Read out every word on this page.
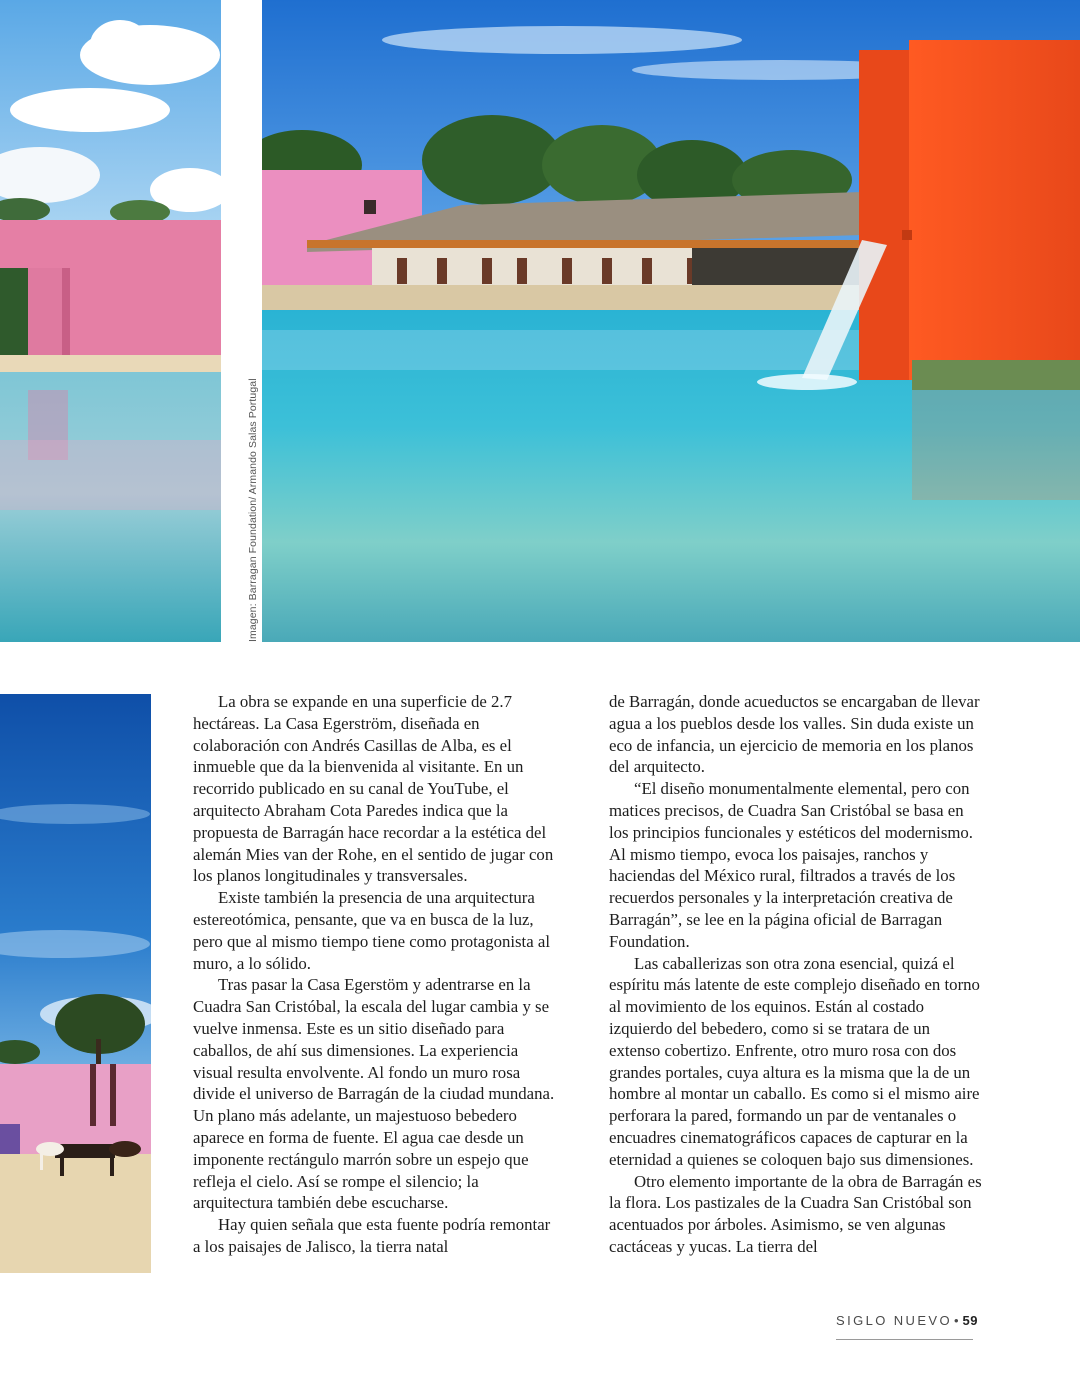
Imagen: Barragan Foundation/ Armando Salas Portugal

La obra se expande en una superficie de 2.7 hectáreas. La Casa Egerström, diseñada en colaboración con Andrés Casillas de Alba, es el inmueble que da la bienvenida al visitante. En un recorrido publicado en su canal de YouTube, el arquitecto Abraham Cota Paredes indica que la propuesta de Barragán hace recordar a la estética del alemán Mies van der Rohe, en el sentido de jugar con los planos longitudinales y transversales.

Existe también la presencia de una arquitectura estereotómica, pensante, que va en busca de la luz, pero que al mismo tiempo tiene como protagonista al muro, a lo sólido.

Tras pasar la Casa Egerstöm y adentrarse en la Cuadra San Cristóbal, la escala del lugar cambia y se vuelve inmensa. Este es un sitio diseñado para caballos, de ahí sus dimensiones. La experiencia visual resulta envolvente. Al fondo un muro rosa divide el universo de Barragán de la ciudad mundana. Un plano más adelante, un majestuoso bebedero aparece en forma de fuente. El agua cae desde un imponente rectángulo marrón sobre un espejo que refleja el cielo. Así se rompe el silencio; la arquitectura también debe escucharse.

Hay quien señala que esta fuente podría remontar a los paisajes de Jalisco, la tierra natal

de Barragán, donde acueductos se encargaban de llevar agua a los pueblos desde los valles. Sin duda existe un eco de infancia, un ejercicio de memoria en los planos del arquitecto.

“El diseño monumentalmente elemental, pero con matices precisos, de Cuadra San Cristóbal se basa en los principios funcionales y estéticos del modernismo. Al mismo tiempo, evoca los paisajes, ranchos y haciendas del México rural, filtrados a través de los recuerdos personales y la interpretación creativa de Barragán”, se lee en la página oficial de Barragan Foundation.

Las caballerizas son otra zona esencial, quizá el espíritu más latente de este complejo diseñado en torno al movimiento de los equinos. Están al costado izquierdo del bebedero, como si se tratara de un extenso cobertizo. Enfrente, otro muro rosa con dos grandes portales, cuya altura es la misma que la de un hombre al montar un caballo. Es como si el mismo aire perforara la pared, formando un par de ventanales o encuadres cinematográficos capaces de capturar en la eternidad a quienes se coloquen bajo sus dimensiones.

Otro elemento importante de la obra de Barragán es la flora. Los pastizales de la Cuadra San Cristóbal son acentuados por árboles. Asimismo, se ven algunas cactáceas y yucas. La tierra del

SIGLO NUEVO • 59
